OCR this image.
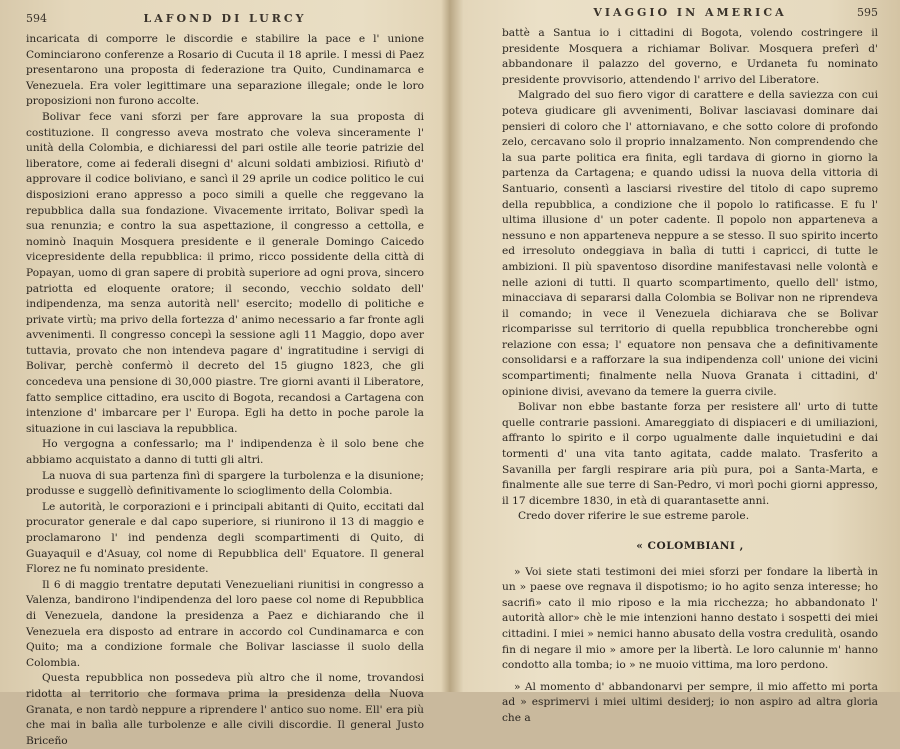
594	LAFOND DI LURCY

incaricata di comporre le discordie e stabilire la pace e l' unione Cominciarono conferenze a Rosario di Cucuta il 18 aprile. I messi di Paez presentarono una proposta di federazione tra Quito, Cundinamarca e Venezuela. Era voler legittimare una separazione illegale; onde le loro proposizioni non furono accolte.

Bolivar fece vani sforzi per fare approvare la sua proposta di costituzione. Il congresso aveva mostrato che voleva sinceramente l' unità della Colombia, e dichiaressi del pari ostile alle teorie patrizie del liberatore, come ai federali disegni d' alcuni soldati ambiziosi. Rifiutò d' approvare il codice boliviano, e sancì il 29 aprile un codice politico le cui disposizioni erano appresso a poco simili a quelle che reggevano la repubblica dalla sua fondazione. Vivacemente irritato, Bolivar spedì la sua renunzia; e contro la sua aspettazione, il congresso a cettolla, e nominò Inaquin Mosquera presidente e il generale Domingo Caicedo vicepresidente della repubblica: il primo, ricco possidente della città di Popayan, uomo di gran sapere di probità superiore ad ogni prova, sincero patriotta ed eloquente oratore; il secondo, vecchio soldato dell' indipendenza, ma senza autorità nell' esercito; modello di politiche e private virtù; ma privo della fortezza d' animo necessario a far fronte agli avvenimenti. Il congresso concepì la sessione agli 11 Maggio, dopo aver tuttavia, provato che non intendeva pagare d' ingratitudine i servigi di Bolivar, perchè confermò il decreto del 15 giugno 1823, che gli concedeva una pensione di 30,000 piastre. Tre giorni avanti il Liberatore, fatto semplice cittadino, era uscito di Bogota, recandosi a Cartagena con intenzione d' imbarcare per l' Europa. Egli ha detto in poche parole la situazione in cui lasciava la repubblica.

Ho vergogna a confessarlo; ma l' indipendenza è il solo bene che abbiamo acquistato a danno di tutti gli altri.

La nuova di sua partenza finì di spargere la turbolenza e la disunione; produsse e suggellò definitivamente lo scioglimento della Colombia.

Le autorità, le corporazioni e i principali abitanti di Quito, eccitati dal procurator generale e dal capo superiore, si riunirono il 13 di maggio e proclamarono l' ind pendenza degli scompartimenti di Quito, di Guayaquil e d'Asuay, col nome di Repubblica dell' Equatore. Il general Florez ne fu nominato presidente.

Il 6 di maggio trentatre deputati Venezueliani riunitisi in congresso a Valenza, bandirono l'indipendenza del loro paese col nome di Repubblica di Venezuela, dandone la presidenza a Paez e dichiarando che il Venezuela era disposto ad entrare in accordo col Cundinamarca e con Quito; ma a condizione formale che Bolivar lasciasse il suolo della Colombia.

Questa repubblica non possedeva più altro che il nome, trovandosi ridotta al territorio che formava prima la presidenza della Nuova Granata, e non tardò neppure a riprendere l' antico suo nome. Ell' era più che mai in balìa alle turbolenze e alle civili discordie. Il general Justo Briceño

VIAGGIO IN AMERICA	595

battè a Santua io i cittadini di Bogota, volendo costringere il presidente Mosquera a richiamar Bolivar. Mosquera preferì d' abbandonare il palazzo del governo, e Urdaneta fu nominato presidente provvisorio, attendendo l' arrivo del Liberatore.

Malgrado del suo fiero vigor di carattere e della saviezza con cui poteva giudicare gli avvenimenti, Bolivar lasciavasi dominare dai pensieri di coloro che l' attorniavano, e che sotto colore di profondo zelo, cercavano solo il proprio innalzamento. Non comprendendo che la sua parte politica era finita, egli tardava di giorno in giorno la partenza da Cartagena; e quando udissi la nuova della vittoria di Santuario, consentì a lasciarsi rivestire del titolo di capo supremo della repubblica, a condizione che il popolo lo ratificasse. E fu l' ultima illusione d' un poter cadente. Il popolo non apparteneva a nessuno e non apparteneva neppure a se stesso. Il suo spirito incerto ed irresoluto ondeggiava in balìa di tutti i capricci, di tutte le ambizioni. Il più spaventoso disordine manifestavasi nelle volontà e nelle azioni di tutti. Il quarto scompartimento, quello dell' istmo, minacciava di separarsi dalla Colombia se Bolivar non ne riprendeva il comando; in vece il Venezuela dichiarava che se Bolivar ricomparisse sul territorio di quella repubblica troncherebbe ogni relazione con essa; l' equatore non pensava che a definitivamente consolidarsi e a rafforzare la sua indipendenza coll' unione dei vicini scompartimenti; finalmente nella Nuova Granata i cittadini, d' opinione divisi, avevano da temere la guerra civile.

Bolivar non ebbe bastante forza per resistere all' urto di tutte quelle contrarie passioni. Amareggiato di dispiaceri e di umiliazioni, affranto lo spirito e il corpo ugualmente dalle inquietudini e dai tormenti d' una vita tanto agitata, cadde malato. Trasferito a Savanilla per fargli respirare aria più pura, poi a Santa-Marta, e finalmente alle sue terre di San-Pedro, vi morì pochi giorni appresso, il 17 dicembre 1830, in età di quarantasette anni.

Credo dover riferire le sue estreme parole.

« COLOMBIANI ,

» Voi siete stati testimoni dei miei sforzi per fondare la libertà in un » paese ove regnava il dispotismo; io ho agito senza interesse; ho sacrifi» cato il mio riposo e la mia ricchezza; ho abbandonato l' autorità allor» chè le mie intenzioni hanno destato i sospetti dei miei cittadini. I miei » nemici hanno abusato della vostra credulità, osando fin di negare il mio » amore per la libertà. Le loro calunnie m' hanno condotto alla tomba; io » ne muoio vittima, ma loro perdono.

» Al momento d' abbandonarvi per sempre, il mio affetto mi porta ad » esprimervi i miei ultimi desiderj; io non aspiro ad altra gloria che a
